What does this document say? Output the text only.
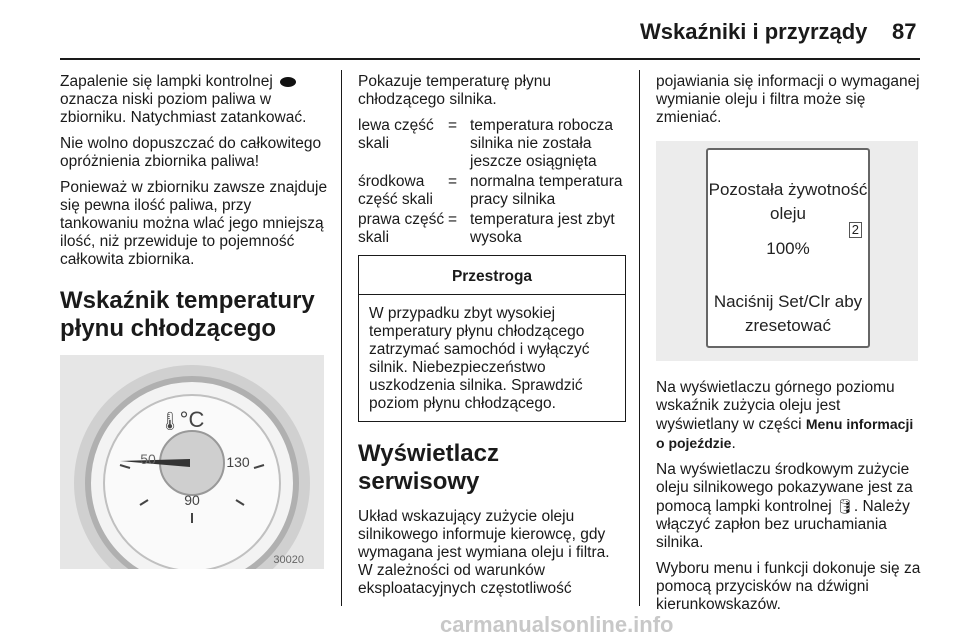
Wskaźniki i przyrządy 87

Zapalenie się lampki kontrolnej
oznacza niski poziom paliwa w zbiorniku. Natychmiast zatankować.

Nie wolno dopuszczać do całkowitego opróżnienia zbiornika paliwa!

Ponieważ w zbiorniku zawsze znajduje się pewna ilość paliwa, przy tankowaniu można wlać jego mniejszą ilość, niż przewiduje to pojemność całkowita zbiornika.

Wskaźnik temperatury płynu chłodzącego
°C
🌡
50
90
130
30020

Pokazuje temperaturę płynu chłodzącego silnika.

lewa część skali
= temperatura robocza silnika nie została jeszcze osiągnięta
środkowa część skali
= normalna temperatura pracy silnika
prawa część skali
= temperatura jest zbyt wysoka
Przestroga
W przypadku zbyt wysokiej temperatury płynu chłodzącego zatrzymać samochód i wyłączyć silnik. Niebezpieczeństwo uszkodzenia silnika. Sprawdzić poziom płynu chłodzącego.
Wyświetlacz serwisowy

Układ wskazujący zużycie oleju silnikowego informuje kierowcę, gdy wymagana jest wymiana oleju i filtra. W zależności od warunków eksploatacyjnych częstotliwość

pojawiania się informacji o wymaganej wymianie oleju i filtra może się zmieniać.

Pozostała żywotność oleju
2
100%
Naciśnij Set/Clr aby zresetować

Na wyświetlaczu górnego poziomu wskaźnik zużycia oleju jest wyświetlany w części Menu informacji o pojeździe.

Na wyświetlaczu środkowym zużycie oleju silnikowego pokazywane jest za pomocą lampki kontrolnej 🛢. Należy włączyć zapłon bez uruchamiania silnika.

Wyboru menu i funkcji dokonuje się za pomocą przycisków na dźwigni kierunkowskazów.

carmanualsonline.info
